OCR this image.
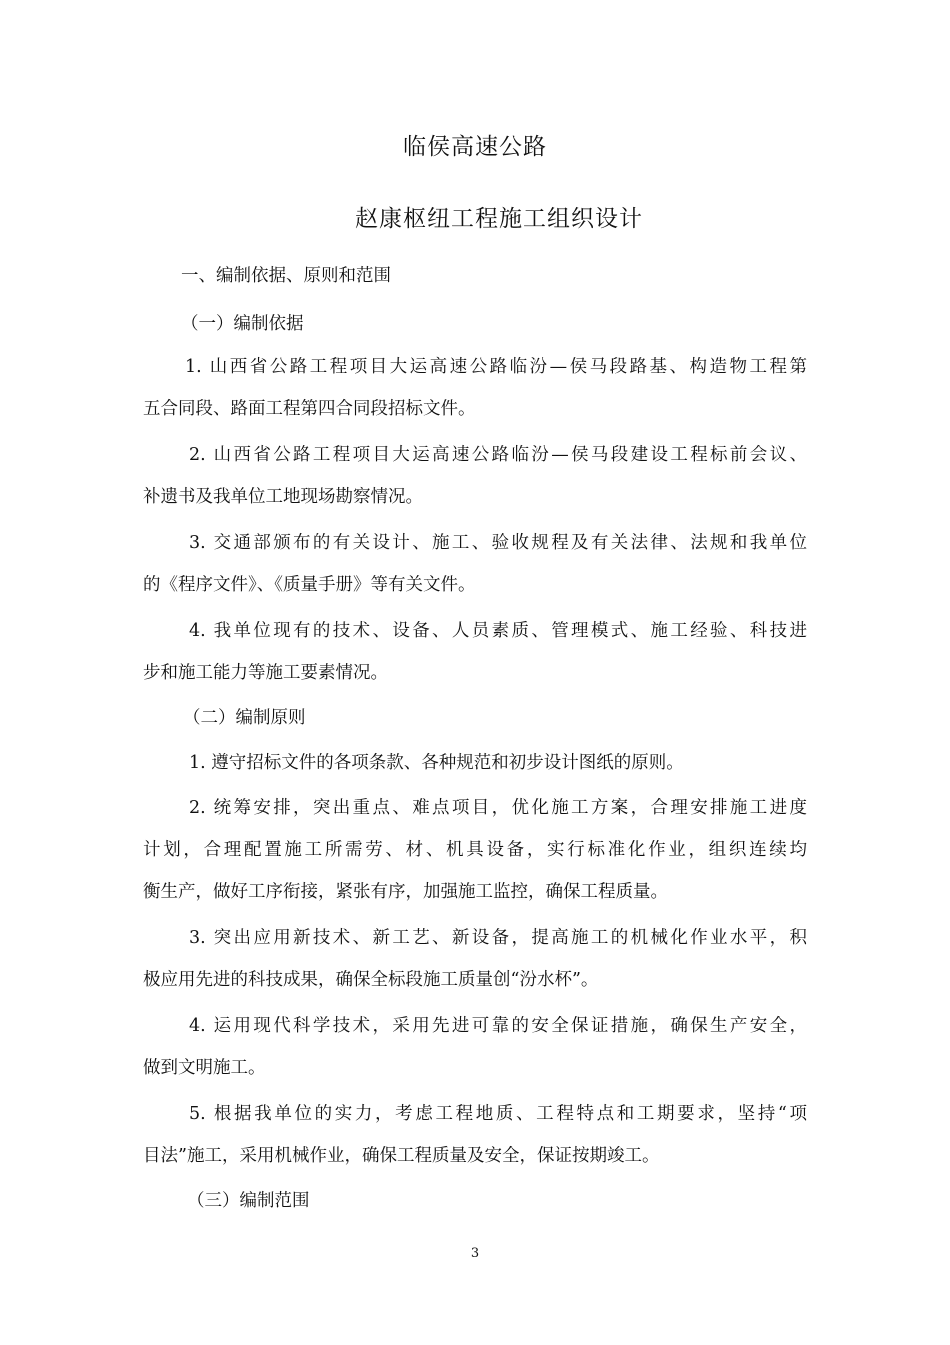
临侯高速公路
赵康枢纽工程施工组织设计
一、编制依据、原则和范围
（一）编制依据
1. 山西省公路工程项目大运高速公路临汾—侯马段路基、构造物工程第
五合同段、路面工程第四合同段招标文件。
2. 山西省公路工程项目大运高速公路临汾—侯马段建设工程标前会议、
补遗书及我单位工地现场勘察情况。
3. 交通部颁布的有关设计、施工、验收规程及有关法律、法规和我单位
的《程序文件》、《质量手册》等有关文件。
4. 我单位现有的技术、设备、人员素质、管理模式、施工经验、科技进
步和施工能力等施工要素情况。
（二）编制原则
1. 遵守招标文件的各项条款、各种规范和初步设计图纸的原则。
2. 统筹安排，突出重点、难点项目，优化施工方案，合理安排施工进度
计划，合理配置施工所需劳、材、机具设备，实行标准化作业，组织连续均
衡生产，做好工序衔接，紧张有序，加强施工监控，确保工程质量。
3. 突出应用新技术、新工艺、新设备，提高施工的机械化作业水平，积
极应用先进的科技成果，确保全标段施工质量创“汾水杯”。
4. 运用现代科学技术，采用先进可靠的安全保证措施，确保生产安全，
做到文明施工。
5. 根据我单位的实力，考虑工程地质、工程特点和工期要求，坚持“项
目法”施工，采用机械作业，确保工程质量及安全，保证按期竣工。
（三）编制范围
3
